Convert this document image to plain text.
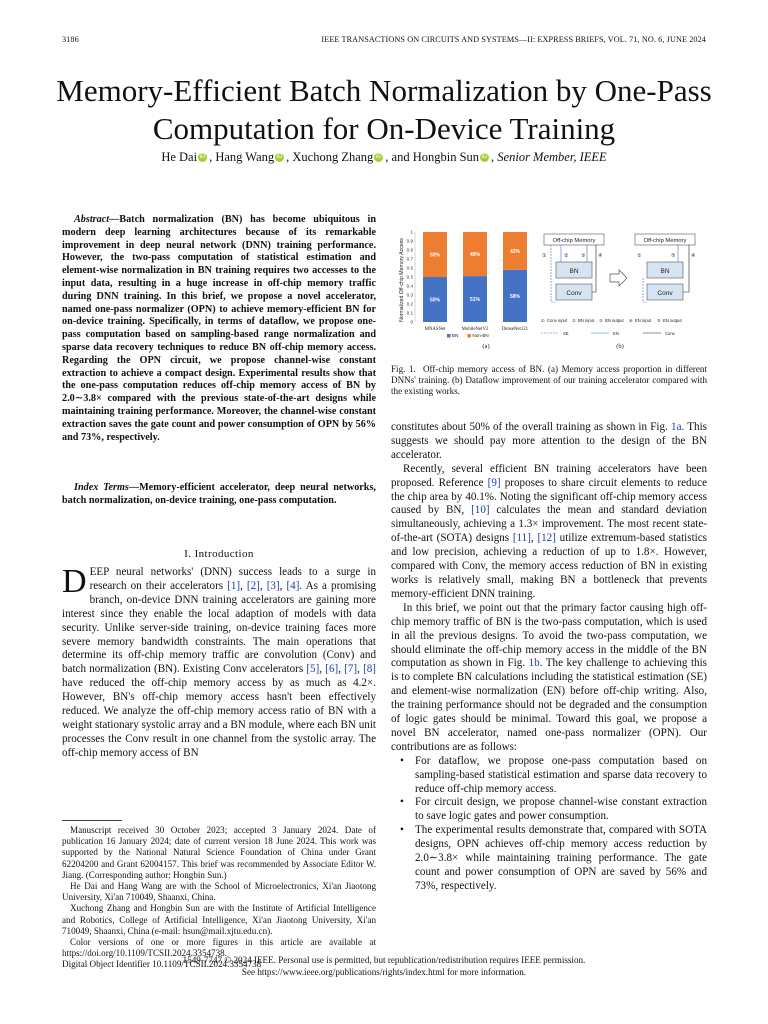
3186	IEEE TRANSACTIONS ON CIRCUITS AND SYSTEMS—II: EXPRESS BRIEFS, VOL. 71, NO. 6, JUNE 2024
Memory-Efficient Batch Normalization by One-Pass
Computation for On-Device Training
He Dai iD , Hang Wang iD , Xuchong Zhang iD , and Hongbin Sun iD , Senior Member, IEEE
Abstract—Batch normalization (BN) has become ubiquitous in modern deep learning architectures because of its remarkable improvement in deep neural network (DNN) training performance. However, the two-pass computation of statistical estimation and element-wise normalization in BN training requires two accesses to the input data, resulting in a huge increase in off-chip memory traffic during DNN training. In this brief, we propose a novel accelerator, named one-pass normalizer (OPN) to achieve memory-efficient BN for on-device training. Specifically, in terms of dataflow, we propose one-pass computation based on sampling-based range normalization and sparse data recovery techniques to reduce BN off-chip memory access. Regarding the OPN circuit, we propose channel-wise constant extraction to achieve a compact design. Experimental results show that the one-pass computation reduces off-chip memory access of BN by 2.0∼3.8× compared with the previous state-of-the-art designs while maintaining training performance. Moreover, the channel-wise constant extraction saves the gate count and power consumption of OPN by 56% and 73%, respectively.
Index Terms—Memory-efficient accelerator, deep neural networks, batch normalization, on-device training, one-pass computation.
I. Introduction
DEEP neural networks' (DNN) success leads to a surge in research on their accelerators [1], [2], [3], [4]. As a promising branch, on-device DNN training accelerators are gaining more interest since they enable the local adaption of models with data security. Unlike server-side training, on-device training faces more severe memory bandwidth constraints. The main operations that determine its off-chip memory traffic are convolution (Conv) and batch normalization (BN). Existing Conv accelerators [5], [6], [7], [8] have reduced the off-chip memory access by as much as 4.2×. However, BN's off-chip memory access hasn't been effectively reduced. We analyze the off-chip memory access ratio of BN with a weight stationary systolic array and a BN module, where each BN unit processes the Conv result in one channel from the systolic array. The off-chip memory access of BN

Manuscript received 30 October 2023; accepted 3 January 2024. Date of publication 16 January 2024; date of current version 18 June 2024. This work was supported by the National Natural Science Foundation of China under Grant 62204200 and Grant 62004157. This brief was recommended by Associate Editor W. Jiang. (Corresponding author: Hongbin Sun.)

He Dai and Hang Wang are with the School of Microelectronics, Xi'an Jiaotong University, Xi'an 710049, Shaanxi, China.

Xuchong Zhang and Hongbin Sun are with the Institute of Artificial Intelligence and Robotics, College of Artificial Intelligence, Xi'an Jiaotong University, Xi'an 710049, Shaanxi, China (e-mail: hsun@mail.xjtu.edu.cn).

Color versions of one or more figures in this article are available at https://doi.org/10.1109/TCSII.2024.3354738.

Digital Object Identifier 10.1109/TCSII.2024.3354738

Normalized Off-chip Memory Access
0
0.1
0.2
0.3
0.4
0.5
0.6
0.7
0.8
0.9
1
50%
50%
51%
49%
58%
42%
MNASNet	MobileNetV2	DenseNet121
BN	Non-BN
(a)
Off-chip Memory
BN
Conv
①	②	③	④
Off-chip Memory
BN
Conv
①	⑤	④
① Conv input ② BN input ③ BN output ④ EN input ⑤ EN output
SE	EN	Conv
(b)
Fig. 1. Off-chip memory access of BN. (a) Memory access proportion in different DNNs' training. (b) Dataflow improvement of our training accelerator compared with the existing works.

constitutes about 50% of the overall training as shown in Fig. 1a. This suggests we should pay more attention to the design of the BN accelerator.

Recently, several efficient BN training accelerators have been proposed. Reference [9] proposes to share circuit elements to reduce the chip area by 40.1%. Noting the significant off-chip memory access caused by BN, [10] calculates the mean and standard deviation simultaneously, achieving a 1.3× improvement. The most recent state-of-the-art (SOTA) designs [11], [12] utilize extremum-based statistics and low precision, achieving a reduction of up to 1.8×. However, compared with Conv, the memory access reduction of BN in existing works is relatively small, making BN a bottleneck that prevents memory-efficient DNN training.

In this brief, we point out that the primary factor causing high off-chip memory traffic of BN is the two-pass computation, which is used in all the previous designs. To avoid the two-pass computation, we should eliminate the off-chip memory access in the middle of the BN computation as shown in Fig. 1b. The key challenge to achieving this is to complete BN calculations including the statistical estimation (SE) and element-wise normalization (EN) before off-chip writing. Also, the training performance should not be degraded and the consumption of logic gates should be minimal. Toward this goal, we propose a novel BN accelerator, named one-pass normalizer (OPN). Our contributions are as follows:

• For dataflow, we propose one-pass computation based on sampling-based statistical estimation and sparse data recovery to reduce off-chip memory access.
• For circuit design, we propose channel-wise constant extraction to save logic gates and power consumption.
• The experimental results demonstrate that, compared with SOTA designs, OPN achieves off-chip memory access reduction by 2.0∼3.8× while maintaining training performance. The gate count and power consumption of OPN are saved by 56% and 73%, respectively.
1549-7747 © 2024 IEEE. Personal use is permitted, but republication/redistribution requires IEEE permission.
See https://www.ieee.org/publications/rights/index.html for more information.
